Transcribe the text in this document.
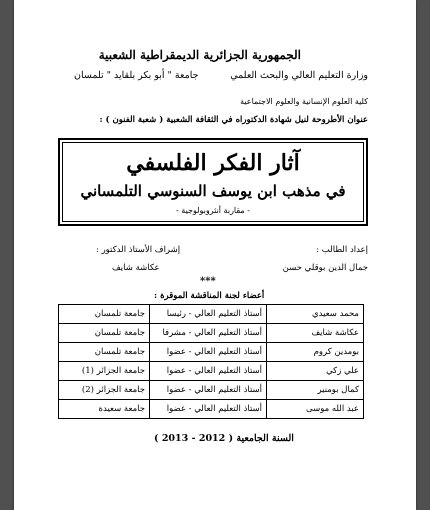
الجمهورية الجزائرية الديمقراطية الشعبية
وزارة التعليم العالي والبحث العلمي
جامعة " أبو بكر بلقايد " تلمسان
كلية العلوم الإنسانية والعلوم الاجتماعية
عنوان الأطروحة لنيل شهادة الدكتوراه في الثقافة الشعبية ( شعبة الفنون ) :
آثار الفكر الفلسفي
في مذهب ابن يوسف السنوسي التلمساني
- مقاربة أنثروبولوجية -
إعداد الطالب :
جمال الدين بوقلي حسن
إشراف الأستاذ الدكتور :
عكاشة شايف
***
أعضاء لجنة المناقشة الموقرة :
محمد سعيدي	أستاذ التعليم العالي - رئيسا	جامعة تلمسان
عكاشة شايف	أستاذ التعليم العالي - مشرفا	جامعة تلمسان
بومدين كروم	أستاذ التعليم العالي - عضوا	جامعة تلمسان
علي زكي	أستاذ التعليم العالي - عضوا	جامعة الجزائر (1)
كمال بومنير	أستاذ التعليم العالي - عضوا	جامعة الجزائر (2)
عبد الله موسى	أستاذ التعليم العالي - عضوا	جامعة سعيدة
السنة الجامعية ( 2012 - 2013 )
